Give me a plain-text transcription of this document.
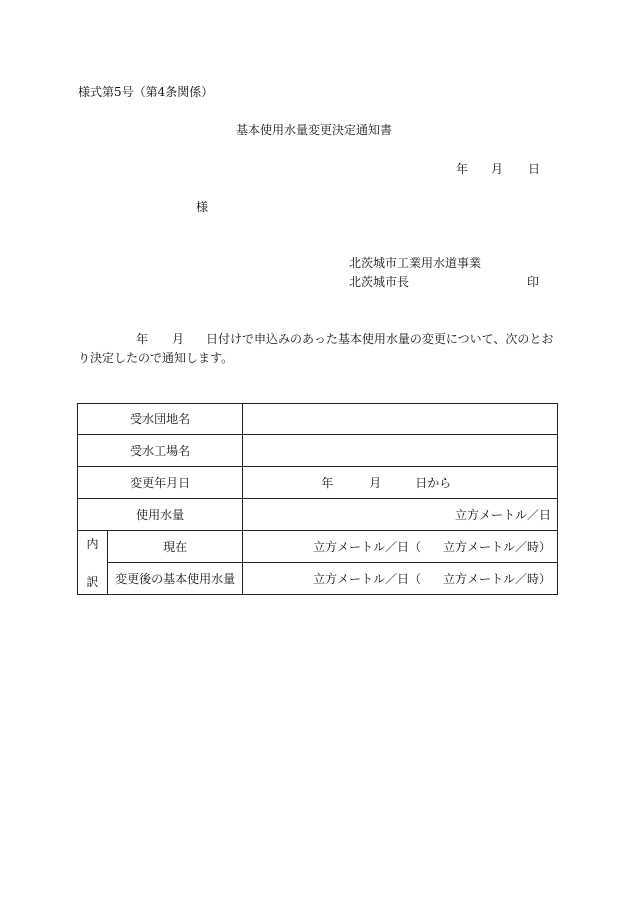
様式第5号（第4条関係）
基本使用水量変更決定通知書
年 月 日
様
北茨城市工業用水道事業
北茨城市長	印
年 月 日付けで申込みのあった基本使用水量の変更について、次のとお
り決定したので通知します。
受水団地名		
受水工場名		
変更年月日		年 月 日から
使用水量		立方メートル／日

内
訳	現在	立方メートル／日（ 立方メートル／時）
	変更後の基本使用水量	立方メートル／日（ 立方メートル／時）
